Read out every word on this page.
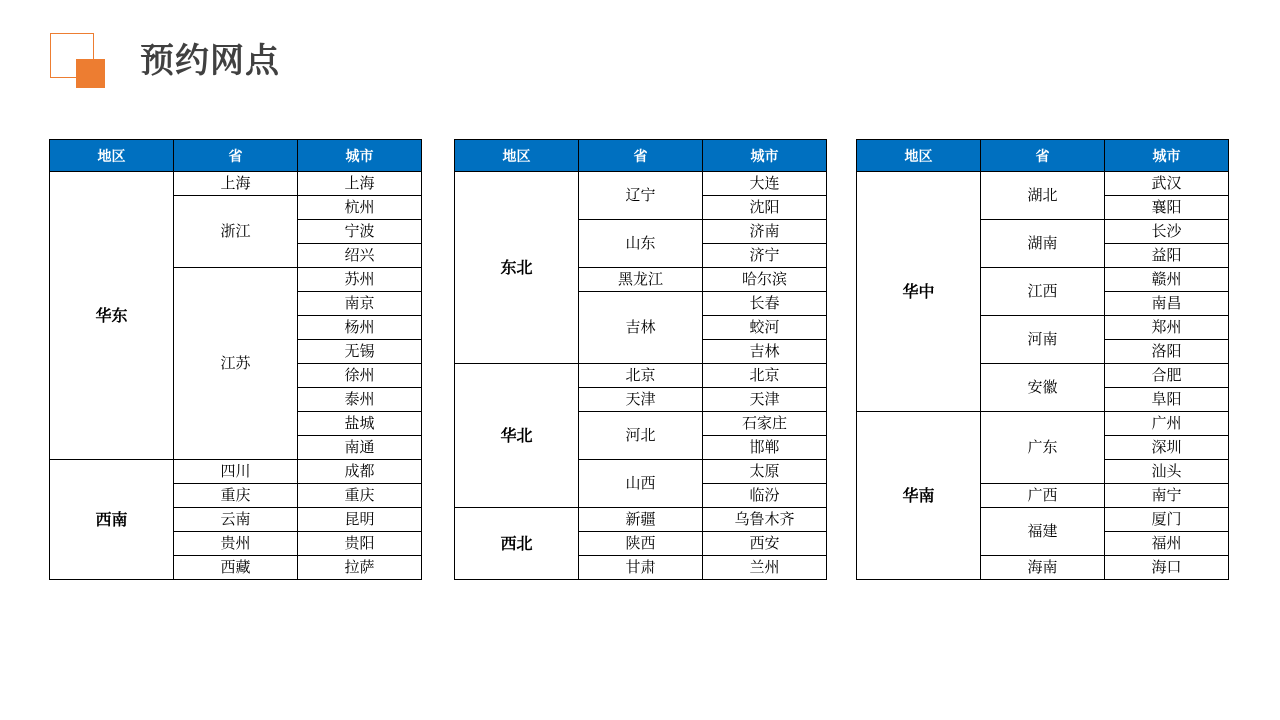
预约网点
地区	省	城市
华东	上海	上海
	浙江	杭州
		宁波
		绍兴
	江苏	苏州
		南京
		杨州
		无锡
		徐州
		泰州
		盐城
		南通
西南	四川	成都
	重庆	重庆
	云南	昆明
	贵州	贵阳
	西藏	拉萨
地区	省	城市
东北	辽宁	大连
		沈阳
	山东	济南
		济宁
	黑龙江	哈尔滨
	吉林	长春
		蛟河
		吉林
华北	北京	北京
	天津	天津
	河北	石家庄
		邯郸
	山西	太原
		临汾
西北	新疆	乌鲁木齐
	陕西	西安
	甘肃	兰州
地区	省	城市
华中	湖北	武汉
		襄阳
	湖南	长沙
		益阳
	江西	赣州
		南昌
	河南	郑州
		洛阳
	安徽	合肥
		阜阳
华南	广东	广州
		深圳
		汕头
	广西	南宁
	福建	厦门
		福州
	海南	海口
